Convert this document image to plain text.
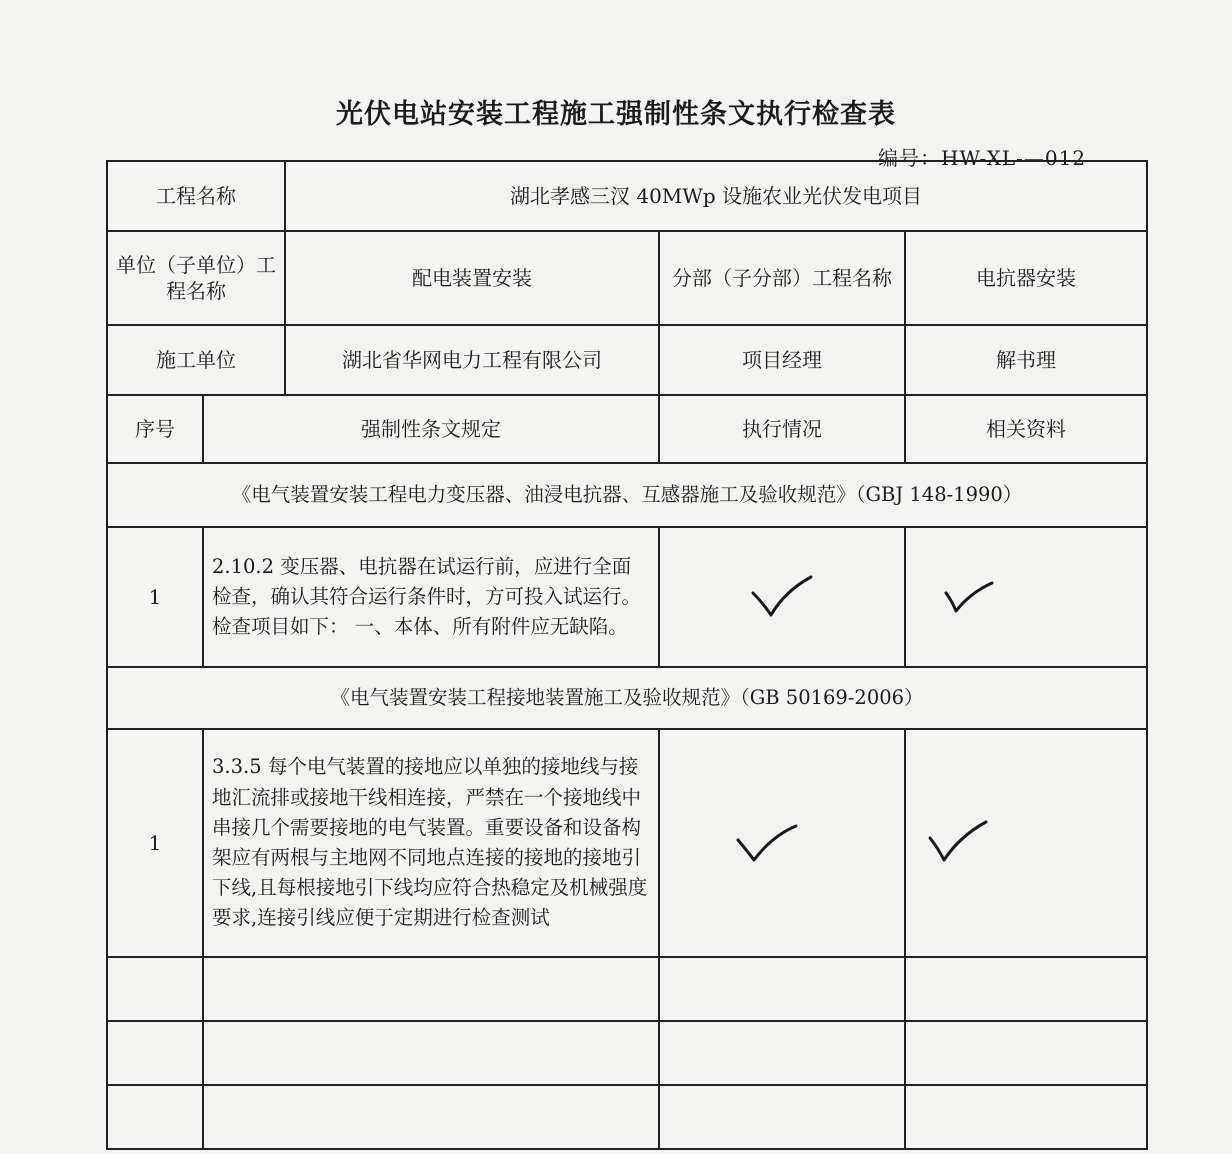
光伏电站安装工程施工强制性条文执行检查表
编号：HW-XL-—012
工程名称		湖北孝感三汊 40MWp 设施农业光伏发电项目		
单位（子单位）工程名称		配电装置安装	分部（子分部）工程名称	电抗器安装
施工单位		湖北省华网电力工程有限公司	项目经理	解书理
序号	强制性条文规定		执行情况	相关资料
《电气装置安装工程电力变压器、油浸电抗器、互感器施工及验收规范》（GBJ 148-1990）				
1	2.10.2 变压器、电抗器在试运行前，应进行全面检查，确认其符合运行条件时，方可投入试运行。检查项目如下： 一、本体、所有附件应无缺陷。	

《电气装置安装工程接地装置施工及验收规范》（GB 50169-2006）				
1	3.3.5 每个电气装置的接地应以单独的接地线与接地汇流排或接地干线相连接，严禁在一个接地线中串接几个需要接地的电气装置。重要设备和设备构架应有两根与主地网不同地点连接的接地的接地引下线,且每根接地引下线均应符合热稳定及机械强度要求,连接引线应便于定期进行检查测试	
